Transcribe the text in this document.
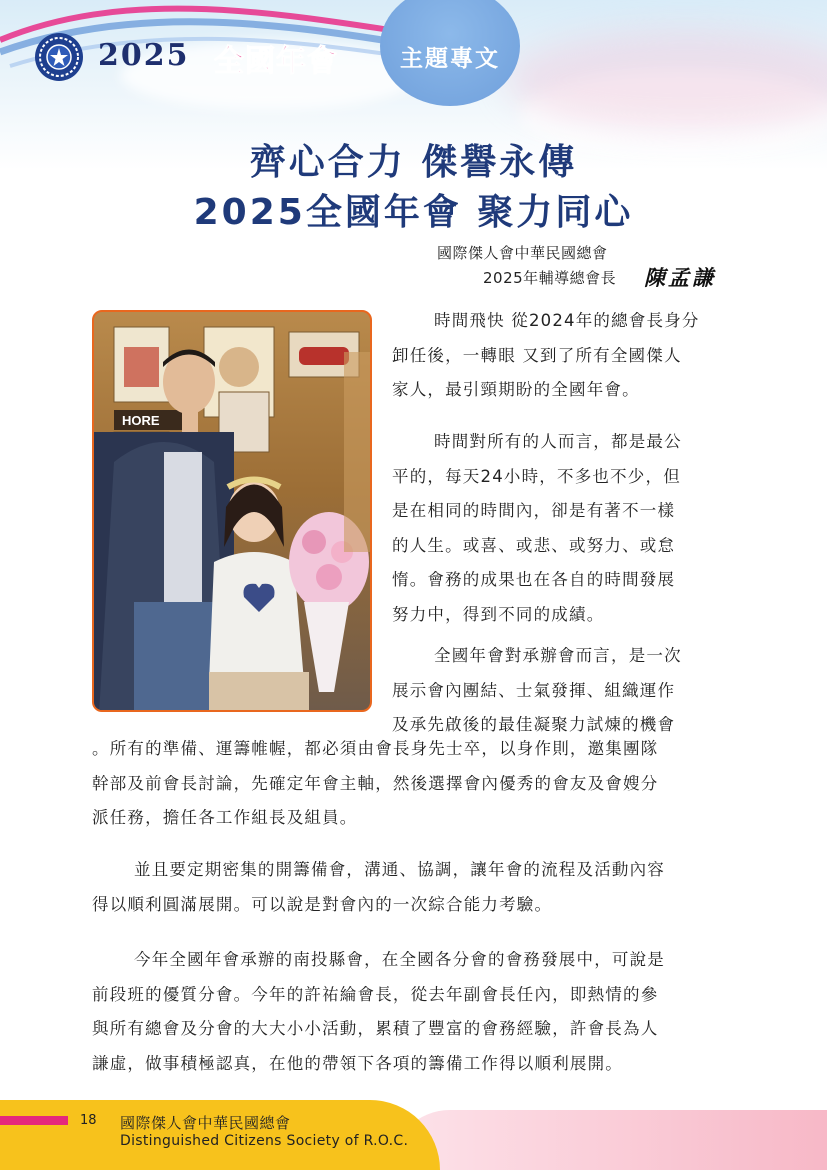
2025 全國年會	主題專文
齊心合力 傑譽永傳
2025全國年會 聚力同心
國際傑人會中華民國總會
2025年輔導總會長 陳孟謙
HORE
時間飛快 從2024年的總會長身分
卸任後，一轉眼 又到了所有全國傑人
家人，最引頸期盼的全國年會。
時間對所有的人而言，都是最公
平的，每天24小時，不多也不少，但
是在相同的時間內，卻是有著不一樣
的人生。或喜、或悲、或努力、或怠
惰。會務的成果也在各自的時間發展
努力中，得到不同的成績。
全國年會對承辦會而言，是一次
展示會內團結、士氣發揮、組織運作
及承先啟後的最佳凝聚力試煉的機會
。所有的準備、運籌帷幄，都必須由會長身先士卒，以身作則，邀集團隊
幹部及前會長討論，先確定年會主軸，然後選擇會內優秀的會友及會嫂分
派任務，擔任各工作組長及組員。
並且要定期密集的開籌備會，溝通、協調，讓年會的流程及活動內容
得以順利圓滿展開。可以說是對會內的一次綜合能力考驗。
今年全國年會承辦的南投縣會，在全國各分會的會務發展中，可說是
前段班的優質分會。今年的許祐綸會長，從去年副會長任內，即熱情的參
與所有總會及分會的大大小小活動，累積了豐富的會務經驗，許會長為人
謙虛，做事積極認真，在他的帶領下各項的籌備工作得以順利展開。
18 國際傑人會中華民國總會
Distinguished Citizens Society of R.O.C.
